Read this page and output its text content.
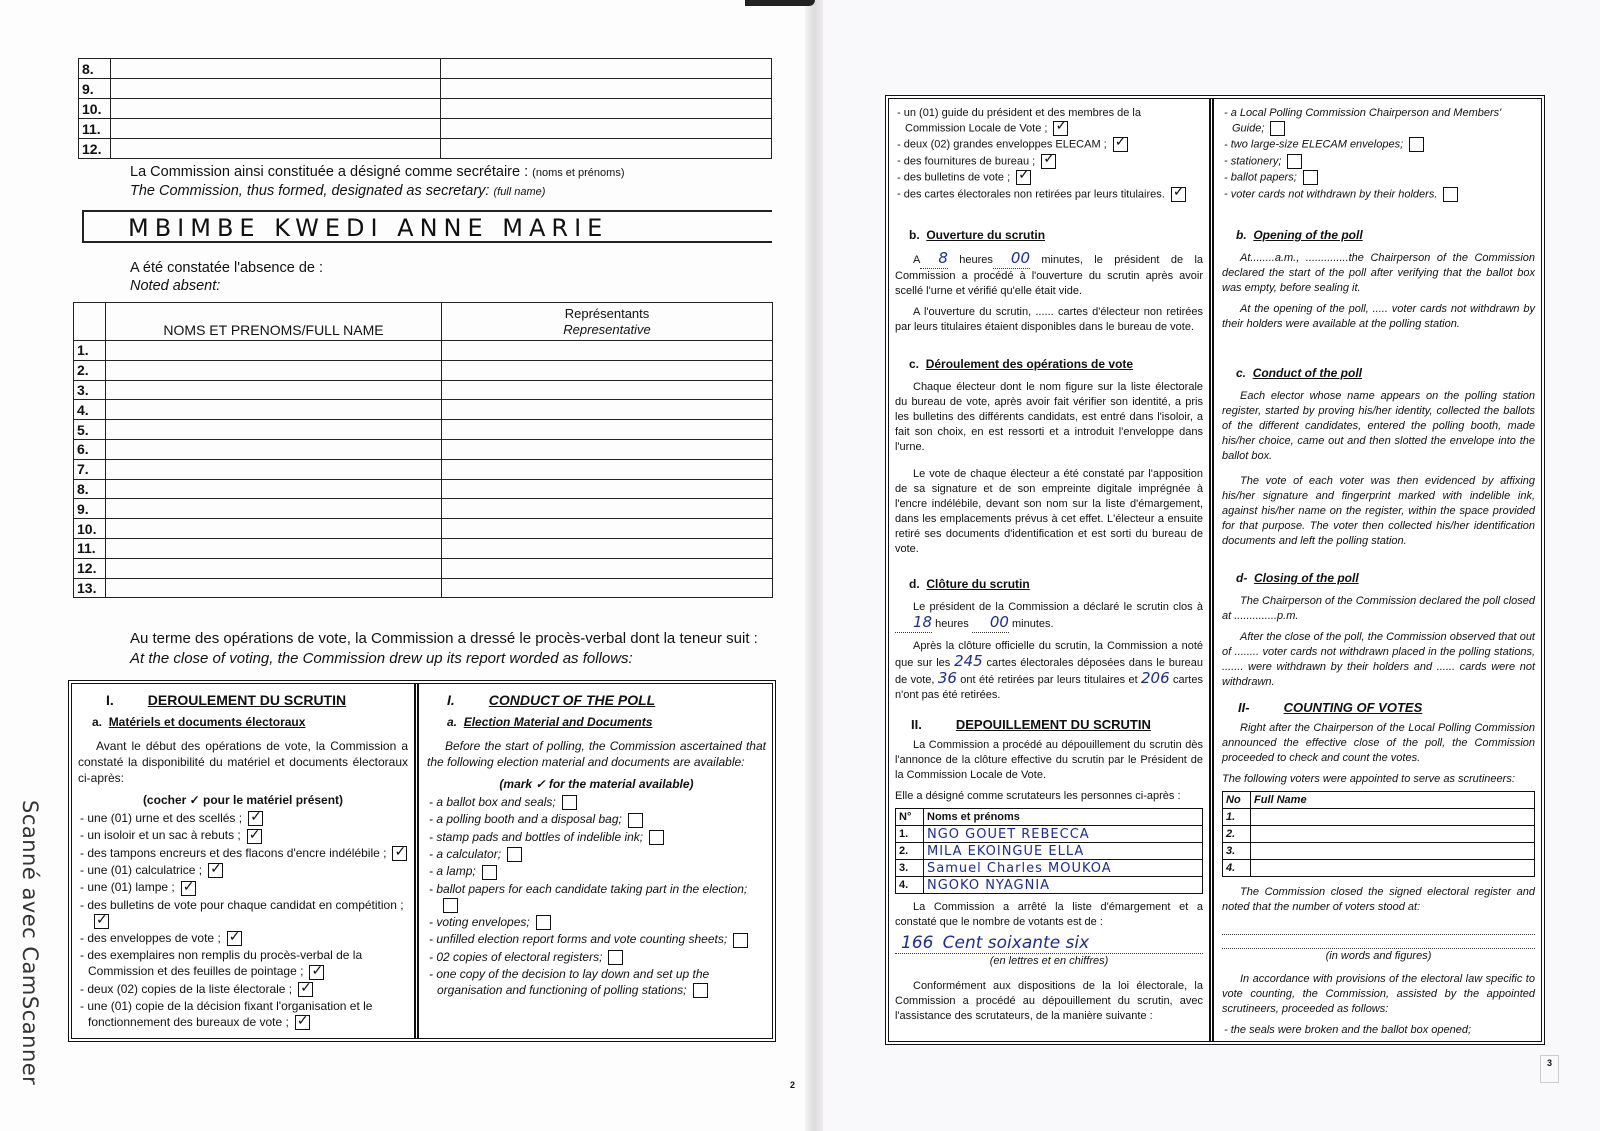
Scanné avec CamScanner
8.		
9.		
10.		
11.		
12.		
La Commission ainsi constituée a désigné comme secrétaire : (noms et prénoms)
The Commission, thus formed, designated as secretary: (full name)
MBIMBE KWEDI ANNE MARIE
A été constatée l'absence de :
Noted absent:
	NOMS ET PRENOMS/FULL NAME	Représentants
Representative

1.		
2.		
3.		
4.		
5.		
6.		
7.		
8.		
9.		
10.		
11.		
12.		
13.		
Au terme des opérations de vote, la Commission a dressé le procès-verbal dont la teneur suit :
At the close of voting, the Commission drew up its report worded as follows:
I. DEROULEMENT DU SCRUTIN
a. Matériels et documents électoraux
Avant le début des opérations de vote, la Commission a constaté la disponibilité du matériel et documents électoraux ci-après:
(cocher ✓ pour le matériel présent)
- une (01) urne et des scellés ;✓
- un isoloir et un sac à rebuts ;✓
- des tampons encreurs et des flacons d'encre indélébile ;✓
- une (01) calculatrice ;✓
- une (01) lampe ;✓
- des bulletins de vote pour chaque candidat en compétition ;✓
- des enveloppes de vote ;✓
- des exemplaires non remplis du procès-verbal de la Commission et des feuilles de pointage ;✓
- deux (02) copies de la liste électorale ;✓
- une (01) copie de la décision fixant l'organisation et le fonctionnement des bureaux de vote ;✓
I. CONDUCT OF THE POLL
a. Election Material and Documents
Before the start of polling, the Commission ascertained that the following election material and documents are available:
(mark ✓ for the material available)
- a ballot box and seals;
- a polling booth and a disposal bag;
- stamp pads and bottles of indelible ink;
- a calculator;
- a lamp;
- ballot papers for each candidate taking part in the election;
- voting envelopes;
- unfilled election report forms and vote counting sheets;
- 02 copies of electoral registers;
- one copy of the decision to lay down and set up the organisation and functioning of polling stations;
2
- un (01) guide du président et des membres de la Commission Locale de Vote ;✓
- deux (02) grandes enveloppes ELECAM ;✓
- des fournitures de bureau ;✓
- des bulletins de vote ;✓
- des cartes électorales non retirées par leurs titulaires.✓
b. Ouverture du scrutin
A 8 heures 00 minutes, le président de la Commission a procédé à l'ouverture du scrutin après avoir scellé l'urne et vérifié qu'elle était vide.
A l'ouverture du scrutin, ...... cartes d'électeur non retirées par leurs titulaires étaient disponibles dans le bureau de vote.
c. Déroulement des opérations de vote
Chaque électeur dont le nom figure sur la liste électorale du bureau de vote, après avoir fait vérifier son identité, a pris les bulletins des différents candidats, est entré dans l'isoloir, a fait son choix, en est ressorti et a introduit l'enveloppe dans l'urne.
Le vote de chaque électeur a été constaté par l'apposition de sa signature et de son empreinte digitale imprégnée à l'encre indélébile, devant son nom sur la liste d'émargement, dans les emplacements prévus à cet effet. L'électeur a ensuite retiré ses documents d'identification et est sorti du bureau de vote.
d. Clôture du scrutin
Le président de la Commission a déclaré le scrutin clos à 18 heures 00 minutes.
Après la clôture officielle du scrutin, la Commission a noté que sur les 245 cartes électorales déposées dans le bureau de vote, 36 ont été retirées par leurs titulaires et 206 cartes n'ont pas été retirées.
II.	DEPOUILLEMENT DU SCRUTIN
La Commission a procédé au dépouillement du scrutin dès l'annonce de la clôture effective du scrutin par le Président de la Commission Locale de Vote.
Elle a désigné comme scrutateurs les personnes ci-après :
N°	Noms et prénoms
1.	NGO GOUET REBECCA
2.	MILA EKOINGUE ELLA
3.	Samuel Charles MOUKOA
4.	NGOKO NYAGNIA
La Commission a arrêté la liste d'émargement et a constaté que le nombre de votants est de :
166 Cent soixante six
(en lettres et en chiffres)
Conformément aux dispositions de la loi électorale, la Commission a procédé au dépouillement du scrutin, avec l'assistance des scrutateurs, de la manière suivante :
- a Local Polling Commission Chairperson and Members' Guide;
- two large-size ELECAM envelopes;
- stationery;
- ballot papers;
- voter cards not withdrawn by their holders.
b. Opening of the poll
At........a.m., ..............the Chairperson of the Commission declared the start of the poll after verifying that the ballot box was empty, before sealing it.
At the opening of the poll, ..... voter cards not withdrawn by their holders were available at the polling station.
c. Conduct of the poll
Each elector whose name appears on the polling station register, started by proving his/her identity, collected the ballots of the different candidates, entered the polling booth, made his/her choice, came out and then slotted the envelope into the ballot box.
The vote of each voter was then evidenced by affixing his/her signature and fingerprint marked with indelible ink, against his/her name on the register, within the space provided for that purpose. The voter then collected his/her identification documents and left the polling station.
d- Closing of the poll
The Chairperson of the Commission declared the poll closed at ..............p.m.
After the close of the poll, the Commission observed that out of ........ voter cards not withdrawn placed in the polling stations, ....... were withdrawn by their holders and ...... cards were not withdrawn.
II-	COUNTING OF VOTES
Right after the Chairperson of the Local Polling Commission announced the effective close of the poll, the Commission proceeded to check and count the votes.
The following voters were appointed to serve as scrutineers:
No	Full Name
1.	
2.	
3.	
4.	
The Commission closed the signed electoral register and noted that the number of voters stood at:
(in words and figures)
In accordance with provisions of the electoral law specific to vote counting, the Commission, assisted by the appointed scrutineers, proceeded as follows:
- the seals were broken and the ballot box opened;
3
